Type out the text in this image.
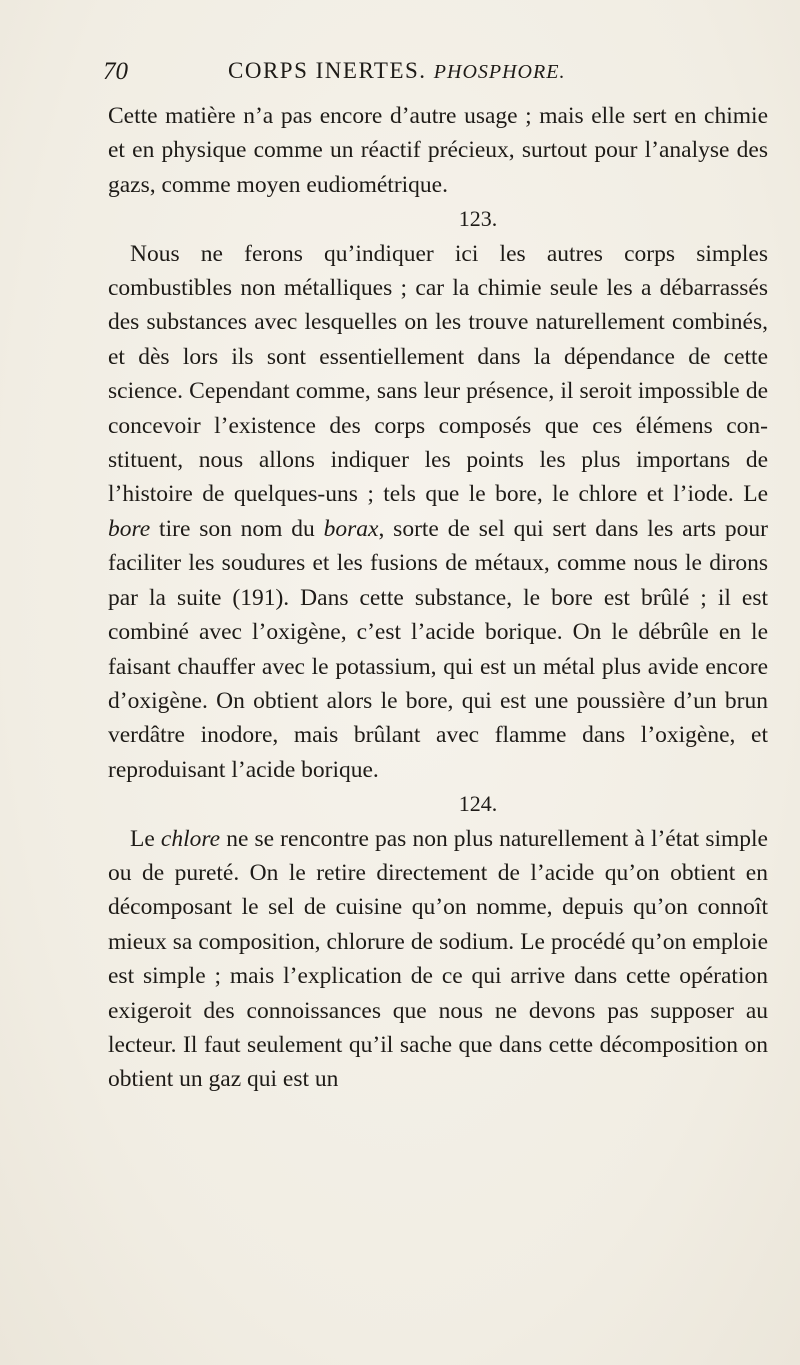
70	CORPS INERTES. PHOSPHORE.

Cette matière n’a pas encore d’autre usage ; mais elle sert en chimie et en physique comme un réactif précieux, surtout pour l’analyse des gazs, comme moyen eudiométrique.

123.

Nous ne ferons qu’indiquer ici les autres corps simples combustibles non métalliques ; car la chimie seule les a débarrassés des substances avec lesquelles on les trouve naturellement combinés, et dès lors ils sont essentiellement dans la dépendance de cette science. Cependant comme, sans leur présence, il seroit impossible de concevoir l’existence des corps composés que ces élémens constituent, nous allons indiquer les points les plus importans de l’histoire de quelques-uns ; tels que le bore, le chlore et l’iode. Le bore tire son nom du borax, sorte de sel qui sert dans les arts pour faciliter les soudures et les fusions de métaux, comme nous le dirons par la suite (191). Dans cette substance, le bore est brûlé ; il est combiné avec l’oxigène, c’est l’acide borique. On le débrûle en le faisant chauffer avec le potassium, qui est un métal plus avide encore d’oxigène. On obtient alors le bore, qui est une poussière d’un brun verdâtre inodore, mais brûlant avec flamme dans l’oxigène, et reproduisant l’acide borique.

124.

Le chlore ne se rencontre pas non plus naturellement à l’état simple ou de pureté. On le retire directement de l’acide qu’on obtient en décomposant le sel de cuisine qu’on nomme, depuis qu’on connoît mieux sa composition, chlorure de sodium. Le procédé qu’on emploie est simple ; mais l’explication de ce qui arrive dans cette opération exigeroit des connoissances que nous ne devons pas supposer au lecteur. Il faut seulement qu’il sache que dans cette décomposition on obtient un gaz qui est un
